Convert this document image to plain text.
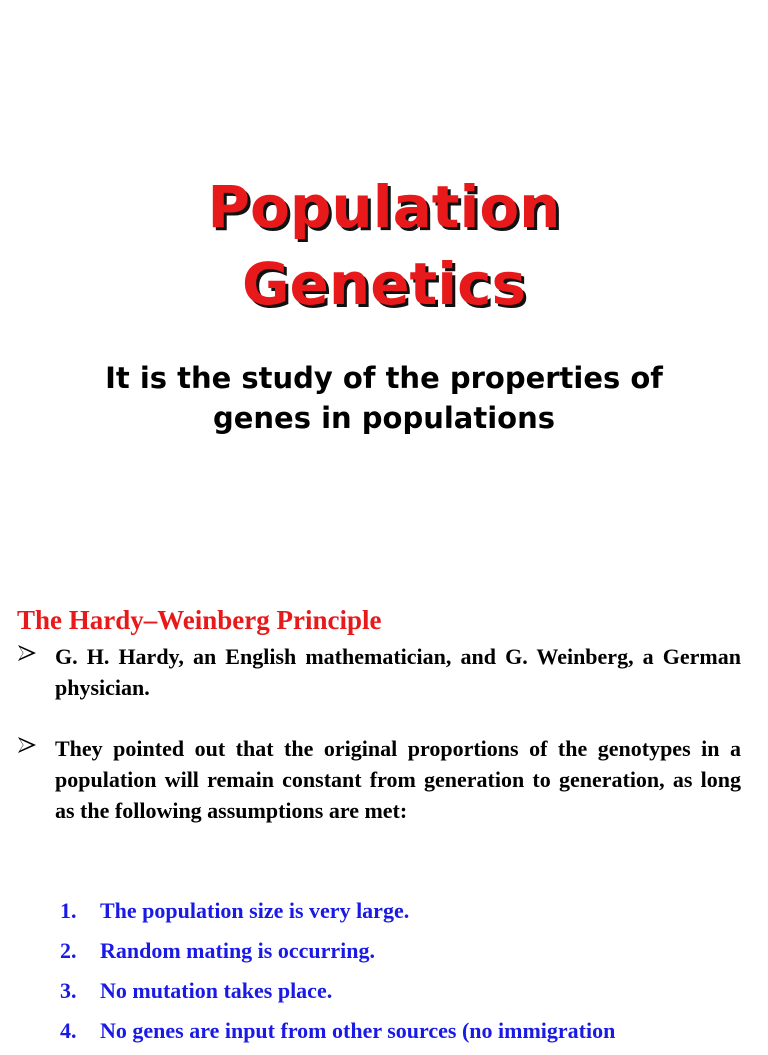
Population
Genetics
It is the study of the properties of
genes in populations
The Hardy–Weinberg Principle
G. H. Hardy, an English mathematician, and G. Weinberg, a German physician.
They pointed out that the original proportions of the genotypes in a population will remain constant from generation to generation, as long as the following assumptions are met:
1. The population size is very large.
2. Random mating is occurring.
3. No mutation takes place.
4. No genes are input from other sources (no immigration
